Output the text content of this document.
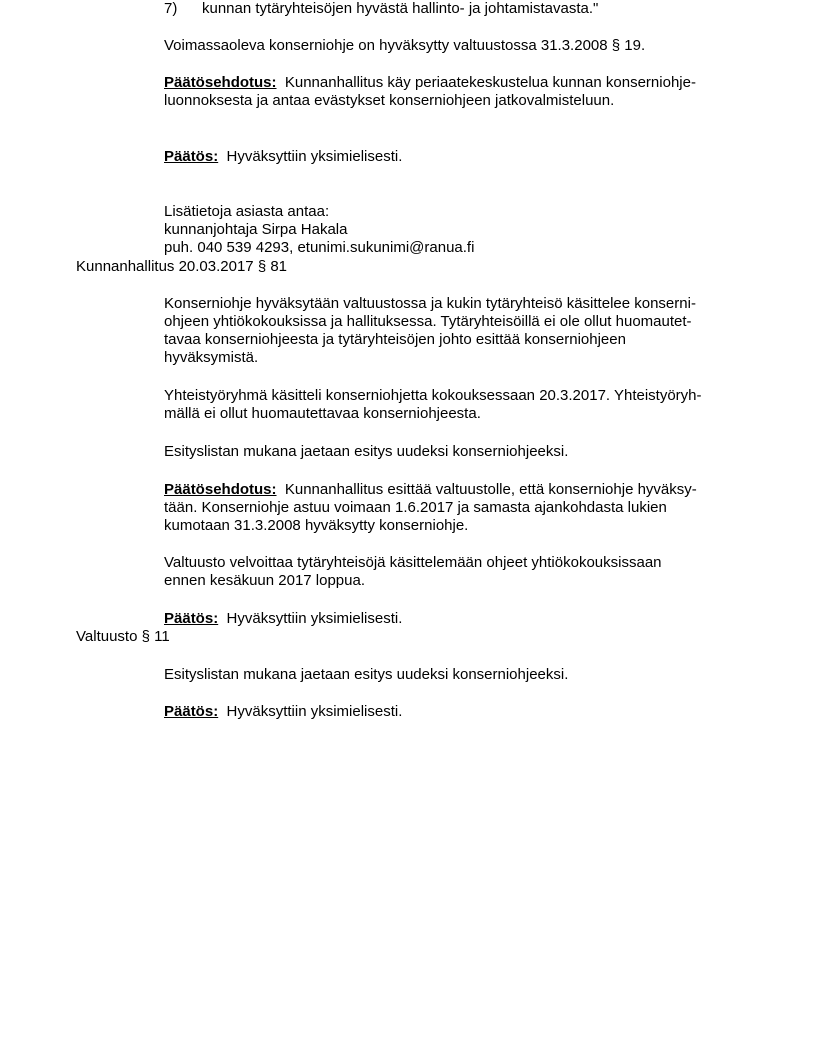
7) kunnan tytäryhteisöjen hyvästä hallinto- ja johtamistavasta."

Voimassaoleva konserniohje on hyväksytty valtuustossa 31.3.2008 § 19.

Päätösehdotus: Kunnanhallitus käy periaatekeskustelua kunnan konserniohje-
luonnoksesta ja antaa evästykset konserniohjeen jatkovalmisteluun.

Päätös: Hyväksyttiin yksimielisesti.

Lisätietoja asiasta antaa:
kunnanjohtaja Sirpa Hakala
puh. 040 539 4293, etunimi.sukunimi@ranua.fi

Kunnanhallitus 20.03.2017 § 81

Konserniohje hyväksytään valtuustossa ja kukin tytäryhteisö käsittelee konserni-
ohjeen yhtiökokouksissa ja hallituksessa. Tytäryhteisöillä ei ole ollut huomautet-
tavaa konserniohjeesta ja tytäryhteisöjen johto esittää konserniohjeen
hyväksymistä.

Yhteistyöryhmä käsitteli konserniohjetta kokouksessaan 20.3.2017. Yhteistyöryh-
mällä ei ollut huomautettavaa konserniohjeesta.

Esityslistan mukana jaetaan esitys uudeksi konserniohjeeksi.

Päätösehdotus: Kunnanhallitus esittää valtuustolle, että konserniohje hyväksy-
tään. Konserniohje astuu voimaan 1.6.2017 ja samasta ajankohdasta lukien
kumotaan 31.3.2008 hyväksytty konserniohje.

Valtuusto velvoittaa tytäryhteisöjä käsittelemään ohjeet yhtiökokouksissaan
ennen kesäkuun 2017 loppua.

Päätös: Hyväksyttiin yksimielisesti.

Valtuusto § 11

Esityslistan mukana jaetaan esitys uudeksi konserniohjeeksi.

Päätös: Hyväksyttiin yksimielisesti.
